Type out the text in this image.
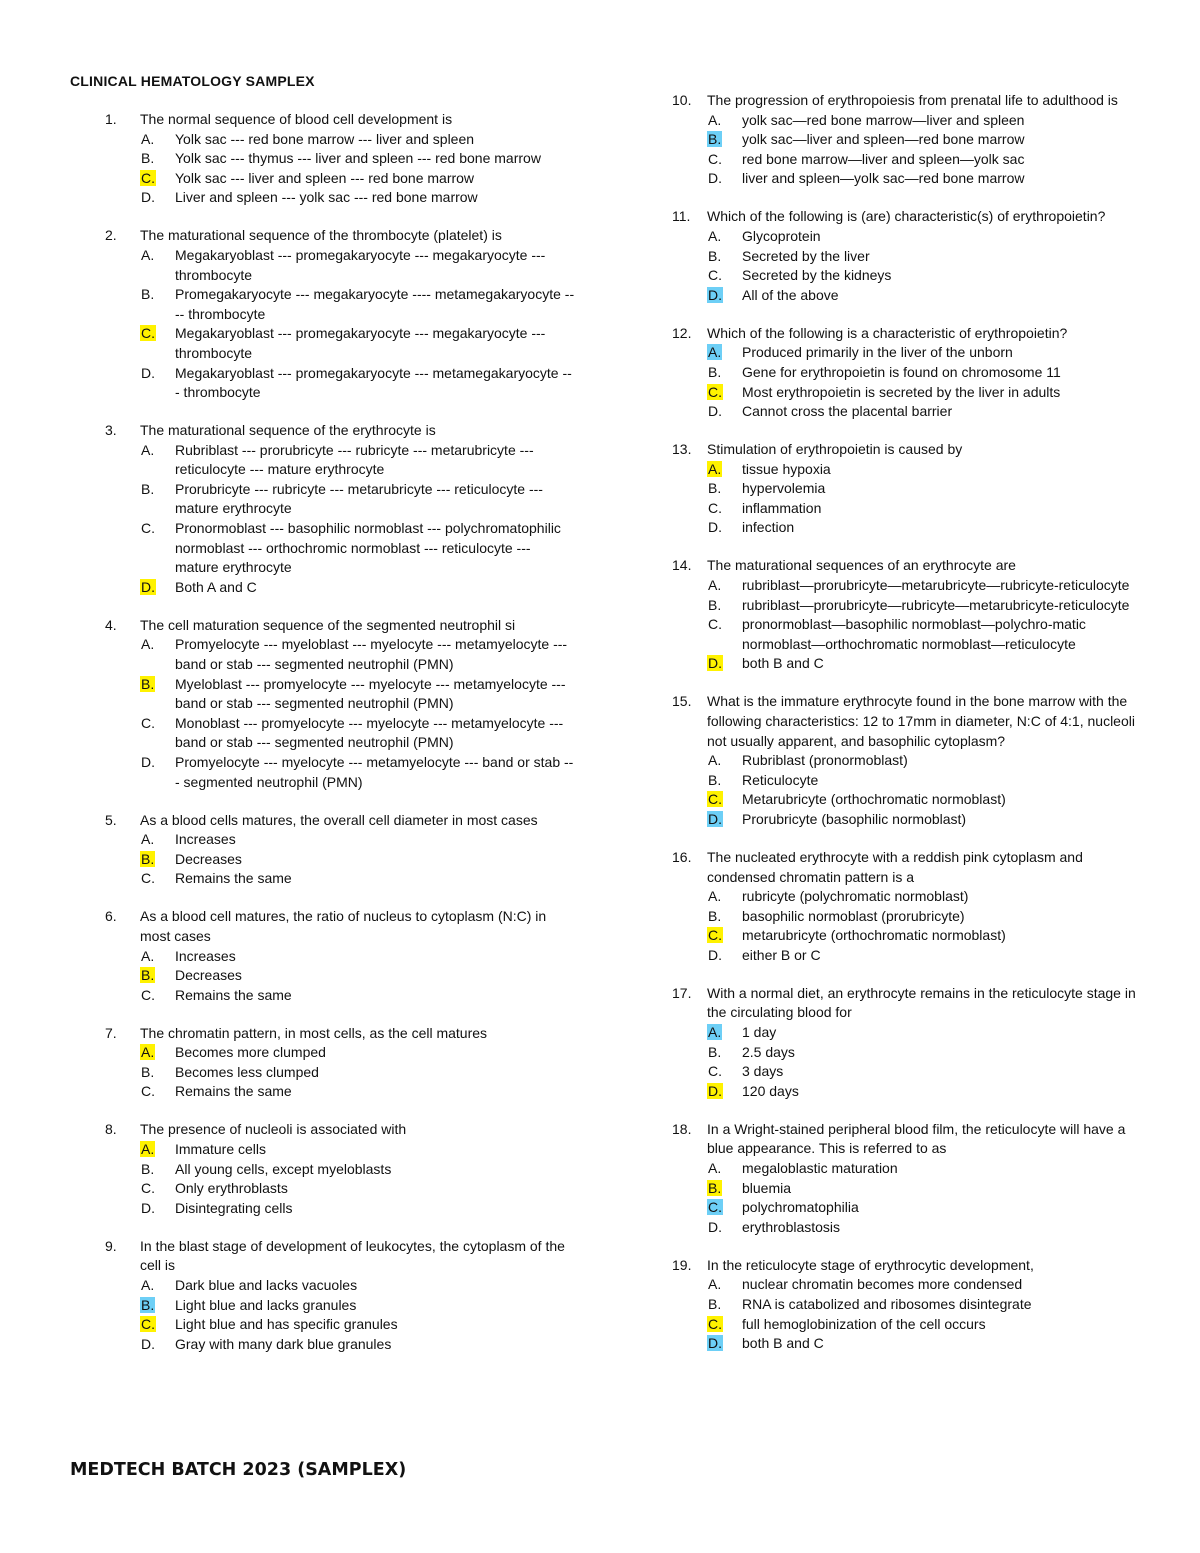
CLINICAL HEMATOLOGY SAMPLEX
1.	The normal sequence of blood cell development is
A. Yolk sac --- red bone marrow --- liver and spleen
B. Yolk sac --- thymus --- liver and spleen --- red bone marrow
C. Yolk sac --- liver and spleen --- red bone marrow
D. Liver and spleen --- yolk sac --- red bone marrow
2.	The maturational sequence of the thrombocyte (platelet) is
A. Megakaryoblast --- promegakaryocyte --- megakaryocyte --- thrombocyte
B. Promegakaryocyte --- megakaryocyte ---- metamegakaryocyte ---- thrombocyte
C. Megakaryoblast --- promegakaryocyte --- megakaryocyte --- thrombocyte
D. Megakaryoblast --- promegakaryocyte --- metamegakaryocyte --- thrombocyte
3.	The maturational sequence of the erythrocyte is
A. Rubriblast --- prorubricyte --- rubricyte --- metarubricyte --- reticulocyte --- mature erythrocyte
B. Prorubricyte --- rubricyte --- metarubricyte --- reticulocyte --- mature erythrocyte
C. Pronormoblast --- basophilic normoblast --- polychromatophilic normoblast --- orthochromic normoblast --- reticulocyte --- mature erythrocyte
D. Both A and C
4.	The cell maturation sequence of the segmented neutrophil si
A. Promyelocyte --- myeloblast --- myelocyte --- metamyelocyte --- band or stab --- segmented neutrophil (PMN)
B. Myeloblast --- promyelocyte --- myelocyte --- metamyelocyte --- band or stab --- segmented neutrophil (PMN)
C. Monoblast --- promyelocyte --- myelocyte --- metamyelocyte --- band or stab --- segmented neutrophil (PMN)
D. Promyelocyte --- myelocyte --- metamyelocyte --- band or stab --- segmented neutrophil (PMN)
5.	As a blood cells matures, the overall cell diameter in most cases
A. Increases
B. Decreases
C. Remains the same
6.	As a blood cell matures, the ratio of nucleus to cytoplasm (N:C) in most cases
A. Increases
B. Decreases
C. Remains the same
7.	The chromatin pattern, in most cells, as the cell matures
A. Becomes more clumped
B. Becomes less clumped
C. Remains the same
8.	The presence of nucleoli is associated with
A. Immature cells
B. All young cells, except myeloblasts
C. Only erythroblasts
D. Disintegrating cells
9.	In the blast stage of development of leukocytes, the cytoplasm of the cell is
A. Dark blue and lacks vacuoles
B. Light blue and lacks granules
C. Light blue and has specific granules
D. Gray with many dark blue granules
10.	The progression of erythropoiesis from prenatal life to adulthood is
A. yolk sac—red bone marrow—liver and spleen
B. yolk sac—liver and spleen—red bone marrow
C. red bone marrow—liver and spleen—yolk sac
D. liver and spleen—yolk sac—red bone marrow
11.	Which of the following is (are) characteristic(s) of erythropoietin?
A. Glycoprotein
B. Secreted by the liver
C. Secreted by the kidneys
D. All of the above
12.	Which of the following is a characteristic of erythropoietin?
A. Produced primarily in the liver of the unborn
B. Gene for erythropoietin is found on chromosome 11
C. Most erythropoietin is secreted by the liver in adults
D. Cannot cross the placental barrier
13.	Stimulation of erythropoietin is caused by
A. tissue hypoxia
B. hypervolemia
C. inflammation
D. infection
14.	The maturational sequences of an erythrocyte are
A. rubriblast—prorubricyte—metarubricyte—rubricyte-reticulocyte
B. rubriblast—prorubricyte—rubricyte—metarubricyte-reticulocyte
C. pronormoblast—basophilic normoblast—polychro-matic normoblast—orthochromatic normoblast—reticulocyte
D. both B and C
15.	What is the immature erythrocyte found in the bone marrow with the following characteristics: 12 to 17mm in diameter, N:C of 4:1, nucleoli not usually apparent, and basophilic cytoplasm?
A. Rubriblast (pronormoblast)
B. Reticulocyte
C. Metarubricyte (orthochromatic normoblast)
D. Prorubricyte (basophilic normoblast)
16.	The nucleated erythrocyte with a reddish pink cytoplasm and condensed chromatin pattern is a
A. rubricyte (polychromatic normoblast)
B. basophilic normoblast (prorubricyte)
C. metarubricyte (orthochromatic normoblast)
D. either B or C
17.	With a normal diet, an erythrocyte remains in the reticulocyte stage in the circulating blood for
A. 1 day
B. 2.5 days
C. 3 days
D. 120 days
18.	In a Wright-stained peripheral blood film, the reticulocyte will have a blue appearance. This is referred to as
A. megaloblastic maturation
B. bluemia
C. polychromatophilia
D. erythroblastosis
19.	In the reticulocyte stage of erythrocytic development,
A. nuclear chromatin becomes more condensed
B. RNA is catabolized and ribosomes disintegrate
C. full hemoglobinization of the cell occurs
D. both B and C
MEDTECH BATCH 2023 (SAMPLEX)
